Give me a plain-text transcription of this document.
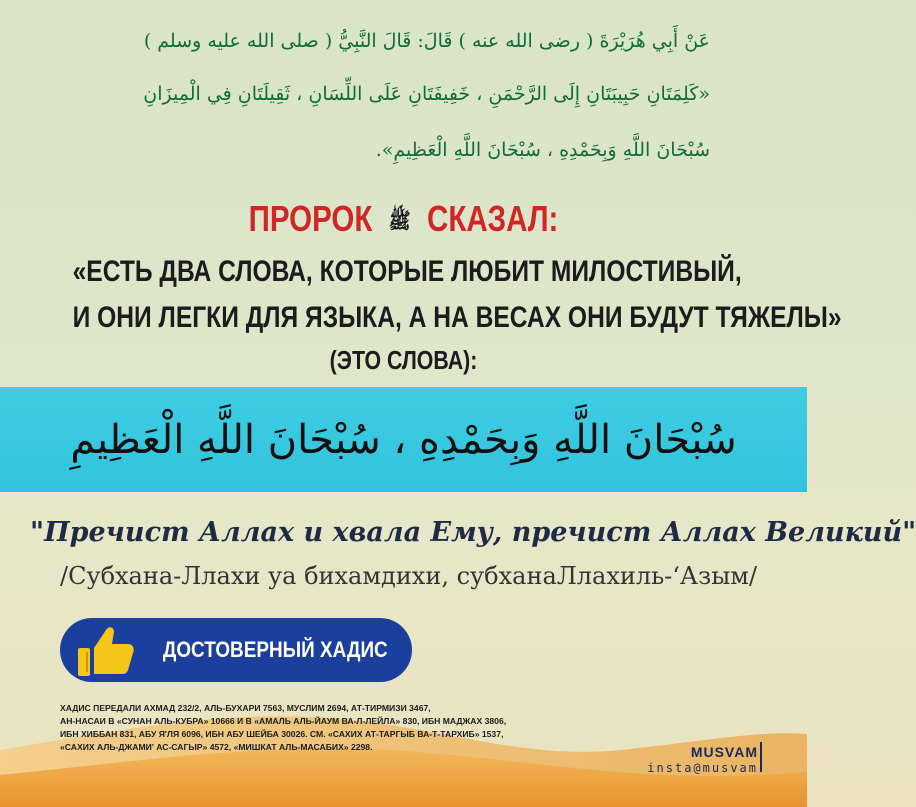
عَنْ أَبِي هُرَيْرَةَ ( رضى الله عنه ) قَالَ: قَالَ النَّبِيُّ ( صلى الله عليه وسلم )
«كَلِمَتَانِ حَبِيبَتَانِ إِلَى الرَّحْمَنِ ، خَفِيفَتَانِ عَلَى اللِّسَانِ ، ثَقِيلَتَانِ فِي الْمِيزَانِ
سُبْحَانَ اللَّهِ وَبِحَمْدِهِ ، سُبْحَانَ اللَّهِ الْعَظِيمِ».
ПРОРОК ﷺ СКАЗАЛ:
«ЕСТЬ ДВА СЛОВА, КОТОРЫЕ ЛЮБИТ МИЛОСТИВЫЙ,
И ОНИ ЛЕГКИ ДЛЯ ЯЗЫКА, А НА ВЕСАХ ОНИ БУДУТ ТЯЖЕЛЫ»
(ЭТО СЛОВА):
سُبْحَانَ اللَّهِ وَبِحَمْدِهِ ، سُبْحَانَ اللَّهِ الْعَظِيمِ
"Пречист Аллах и хвала Ему, пречист Аллах Великий"
/Субхана-Ллахи уа бихамдихи, субханаЛлахиль-‘Азым/
ДОСТОВЕРНЫЙ ХАДИС
ХАДИС ПЕРЕДАЛИ АХМАД 232/2, АЛЬ-БУХАРИ 7563, МУСЛИМ 2694, АТ-ТИРМИЗИ 3467,
АН-НАСАИ В «СУНАН АЛЬ-КУБРА» 10666 И В «АМАЛЬ АЛЬ-ЙАУМ ВА-Л-ЛЕЙЛА» 830, ИБН МАДЖАХ 3806,
ИБН ХИББАН 831, АБУ Я'ЛЯ 6096, ИБН АБУ ШЕЙБА 30026. СМ. «САХИХ АТ-ТАРГЫБ ВА-Т-ТАРХИБ» 1537,
«САХИХ АЛЬ-ДЖАМИ' АС-САГЫР» 4572, «МИШКАТ АЛЬ-МАСАБИХ» 2298.	MUSVAM
insta@musvam
